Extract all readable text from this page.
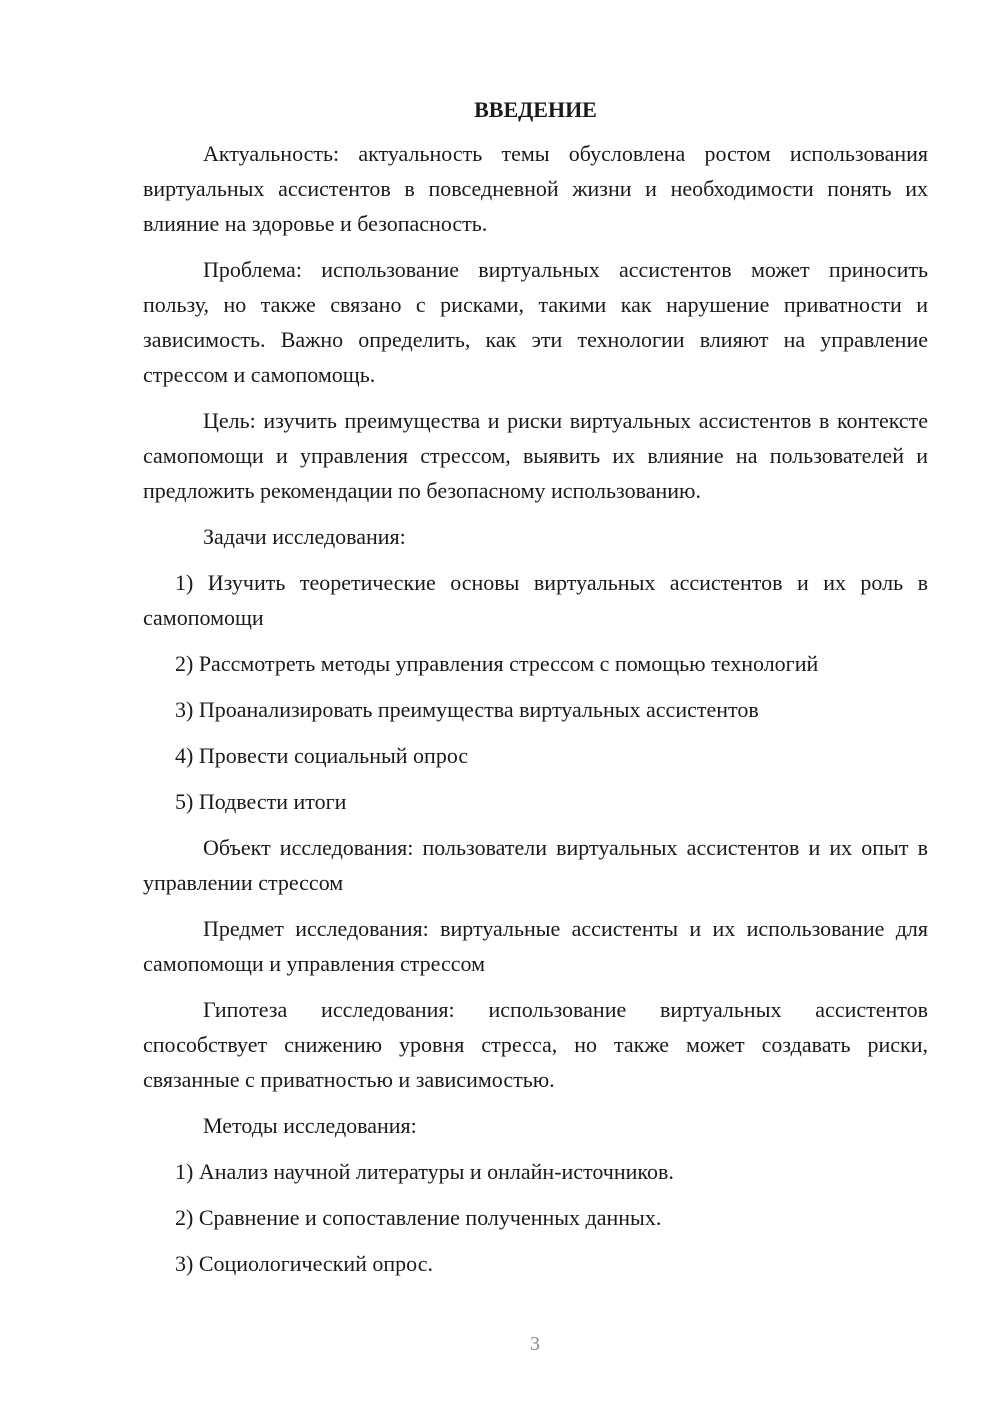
ВВЕДЕНИЕ

Актуальность: актуальность темы обусловлена ростом использования виртуальных ассистентов в повседневной жизни и необходимости понять их влияние на здоровье и безопасность.

Проблема: использование виртуальных ассистентов может приносить пользу, но также связано с рисками, такими как нарушение приватности и зависимость. Важно определить, как эти технологии влияют на управление стрессом и самопомощь.

Цель: изучить преимущества и риски виртуальных ассистентов в контексте самопомощи и управления стрессом, выявить их влияние на пользователей и предложить рекомендации по безопасному использованию.

Задачи исследования:

1) Изучить теоретические основы виртуальных ассистентов и их роль в самопомощи

2) Рассмотреть методы управления стрессом с помощью технологий

3) Проанализировать преимущества виртуальных ассистентов

4) Провести социальный опрос

5) Подвести итоги

Объект исследования: пользователи виртуальных ассистентов и их опыт в управлении стрессом

Предмет исследования: виртуальные ассистенты и их использование для самопомощи и управления стрессом

Гипотеза исследования: использование виртуальных ассистентов способствует снижению уровня стресса, но также может создавать риски, связанные с приватностью и зависимостью.

Методы исследования:

1) Анализ научной литературы и онлайн-источников.

2) Сравнение и сопоставление полученных данных.

3) Социологический опрос.

3
